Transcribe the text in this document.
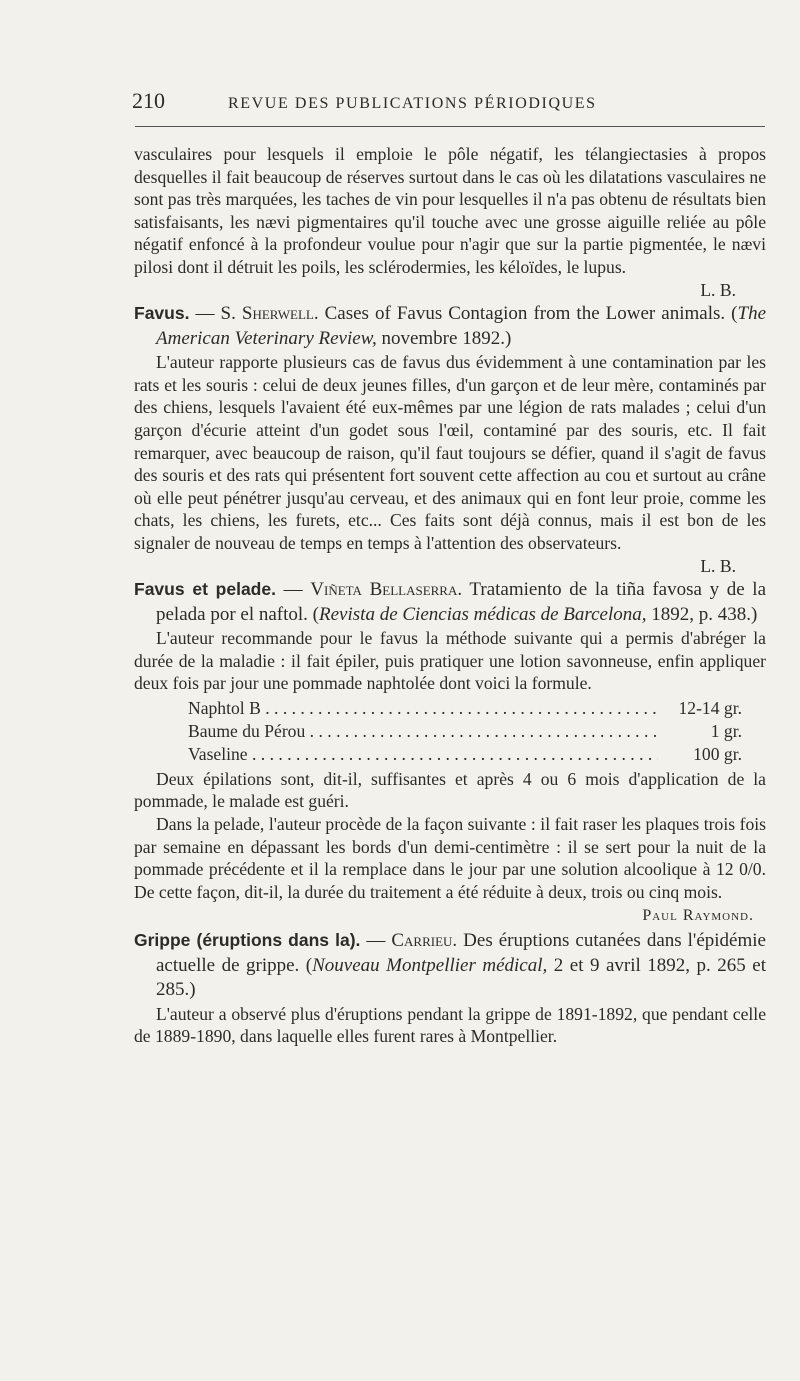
210	REVUE DES PUBLICATIONS PÉRIODIQUES

vasculaires pour lesquels il emploie le pôle négatif, les télangiectasies à propos desquelles il fait beaucoup de réserves surtout dans le cas où les dilatations vasculaires ne sont pas très marquées, les taches de vin pour lesquelles il n'a pas obtenu de résultats bien satisfaisants, les nævi pigmentaires qu'il touche avec une grosse aiguille reliée au pôle négatif enfoncé à la profondeur voulue pour n'agir que sur la partie pigmentée, le nævi pilosi dont il détruit les poils, les sclérodermies, les kéloïdes, le lupus.

L. B.

Favus. — S. Sherwell. Cases of Favus Contagion from the Lower animals. (The American Veterinary Review, novembre 1892.)

L'auteur rapporte plusieurs cas de favus dus évidemment à une contamination par les rats et les souris : celui de deux jeunes filles, d'un garçon et de leur mère, contaminés par des chiens, lesquels l'avaient été eux-mêmes par une légion de rats malades ; celui d'un garçon d'écurie atteint d'un godet sous l'œil, contaminé par des souris, etc. Il fait remarquer, avec beaucoup de raison, qu'il faut toujours se défier, quand il s'agit de favus des souris et des rats qui présentent fort souvent cette affection au cou et surtout au crâne où elle peut pénétrer jusqu'au cerveau, et des animaux qui en font leur proie, comme les chats, les chiens, les furets, etc... Ces faits sont déjà connus, mais il est bon de les signaler de nouveau de temps en temps à l'attention des observateurs.

L. B.

Favus et pelade. — Viñeta Bellaserra. Tratamiento de la tiña favosa y de la pelada por el naftol. (Revista de Ciencias médicas de Barcelona, 1892, p. 438.)

L'auteur recommande pour le favus la méthode suivante qui a permis d'abréger la durée de la maladie : il fait épiler, puis pratiquer une lotion savonneuse, enfin appliquer deux fois par jour une pommade naphtolée dont voici la formule.

Naphtol B . . .	12-14 gr.
Baume du Pérou . . .	1 gr.
Vaseline . . .	100 gr.

Deux épilations sont, dit-il, suffisantes et après 4 ou 6 mois d'application de la pommade, le malade est guéri.

Dans la pelade, l'auteur procède de la façon suivante : il fait raser les plaques trois fois par semaine en dépassant les bords d'un demi-centimètre : il se sert pour la nuit de la pommade précédente et il la remplace dans le jour par une solution alcoolique à 12 0/0. De cette façon, dit-il, la durée du traitement a été réduite à deux, trois ou cinq mois.

Paul Raymond.

Grippe (éruptions dans la). — Carrieu. Des éruptions cutanées dans l'épidémie actuelle de grippe. (Nouveau Montpellier médical, 2 et 9 avril 1892, p. 265 et 285.)

L'auteur a observé plus d'éruptions pendant la grippe de 1891-1892, que pendant celle de 1889-1890, dans laquelle elles furent rares à Montpellier.
